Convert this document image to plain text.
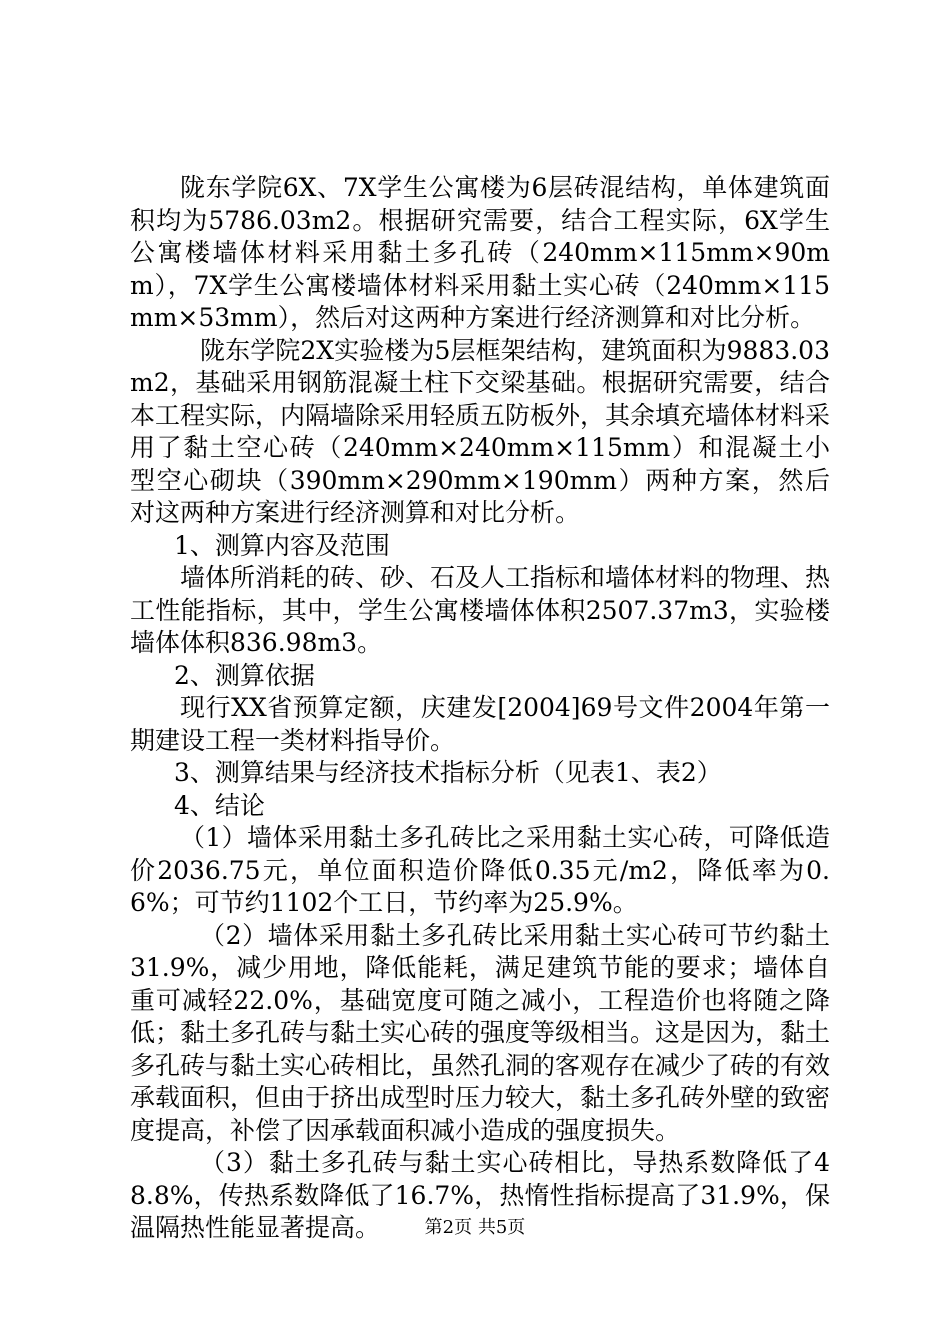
陇东学院6X、7X学生公寓楼为6层砖混结构，单体建筑面积均为5786.03m2。根据研究需要，结合工程实际，6X学生公寓楼墙体材料采用黏土多孔砖（240mm×115mm×90mm），7X学生公寓楼墙体材料采用黏土实心砖（240mm×115mm×53mm），然后对这两种方案进行经济测算和对比分析。

陇东学院2X实验楼为5层框架结构，建筑面积为9883.03m2，基础采用钢筋混凝土柱下交梁基础。根据研究需要，结合本工程实际，内隔墙除采用轻质五防板外，其余填充墙体材料采用了黏土空心砖（240mm×240mm×115mm）和混凝土小型空心砌块（390mm×290mm×190mm）两种方案，然后对这两种方案进行经济测算和对比分析。

1、测算内容及范围

墙体所消耗的砖、砂、石及人工指标和墙体材料的物理、热工性能指标，其中，学生公寓楼墙体体积2507.37m3，实验楼墙体体积836.98m3。

2、测算依据

现行XX省预算定额，庆建发[2004]69号文件2004年第一期建设工程一类材料指导价。

3、测算结果与经济技术指标分析（见表1、表2）

4、结论

（1）墙体采用黏土多孔砖比之采用黏土实心砖，可降低造价2036.75元，单位面积造价降低0.35元/m2，降低率为0.6%；可节约1102个工日，节约率为25.9%。

（2）墙体采用黏土多孔砖比采用黏土实心砖可节约黏土31.9%，减少用地，降低能耗，满足建筑节能的要求；墙体自重可减轻22.0%，基础宽度可随之减小，工程造价也将随之降低；黏土多孔砖与黏土实心砖的强度等级相当。这是因为，黏土多孔砖与黏土实心砖相比，虽然孔洞的客观存在减少了砖的有效承载面积，但由于挤出成型时压力较大，黏土多孔砖外壁的致密度提高，补偿了因承载面积减小造成的强度损失。

（3）黏土多孔砖与黏土实心砖相比，导热系数降低了48.8%，传热系数降低了16.7%，热惰性指标提高了31.9%，保温隔热性能显著提高。	第2页 共5页
